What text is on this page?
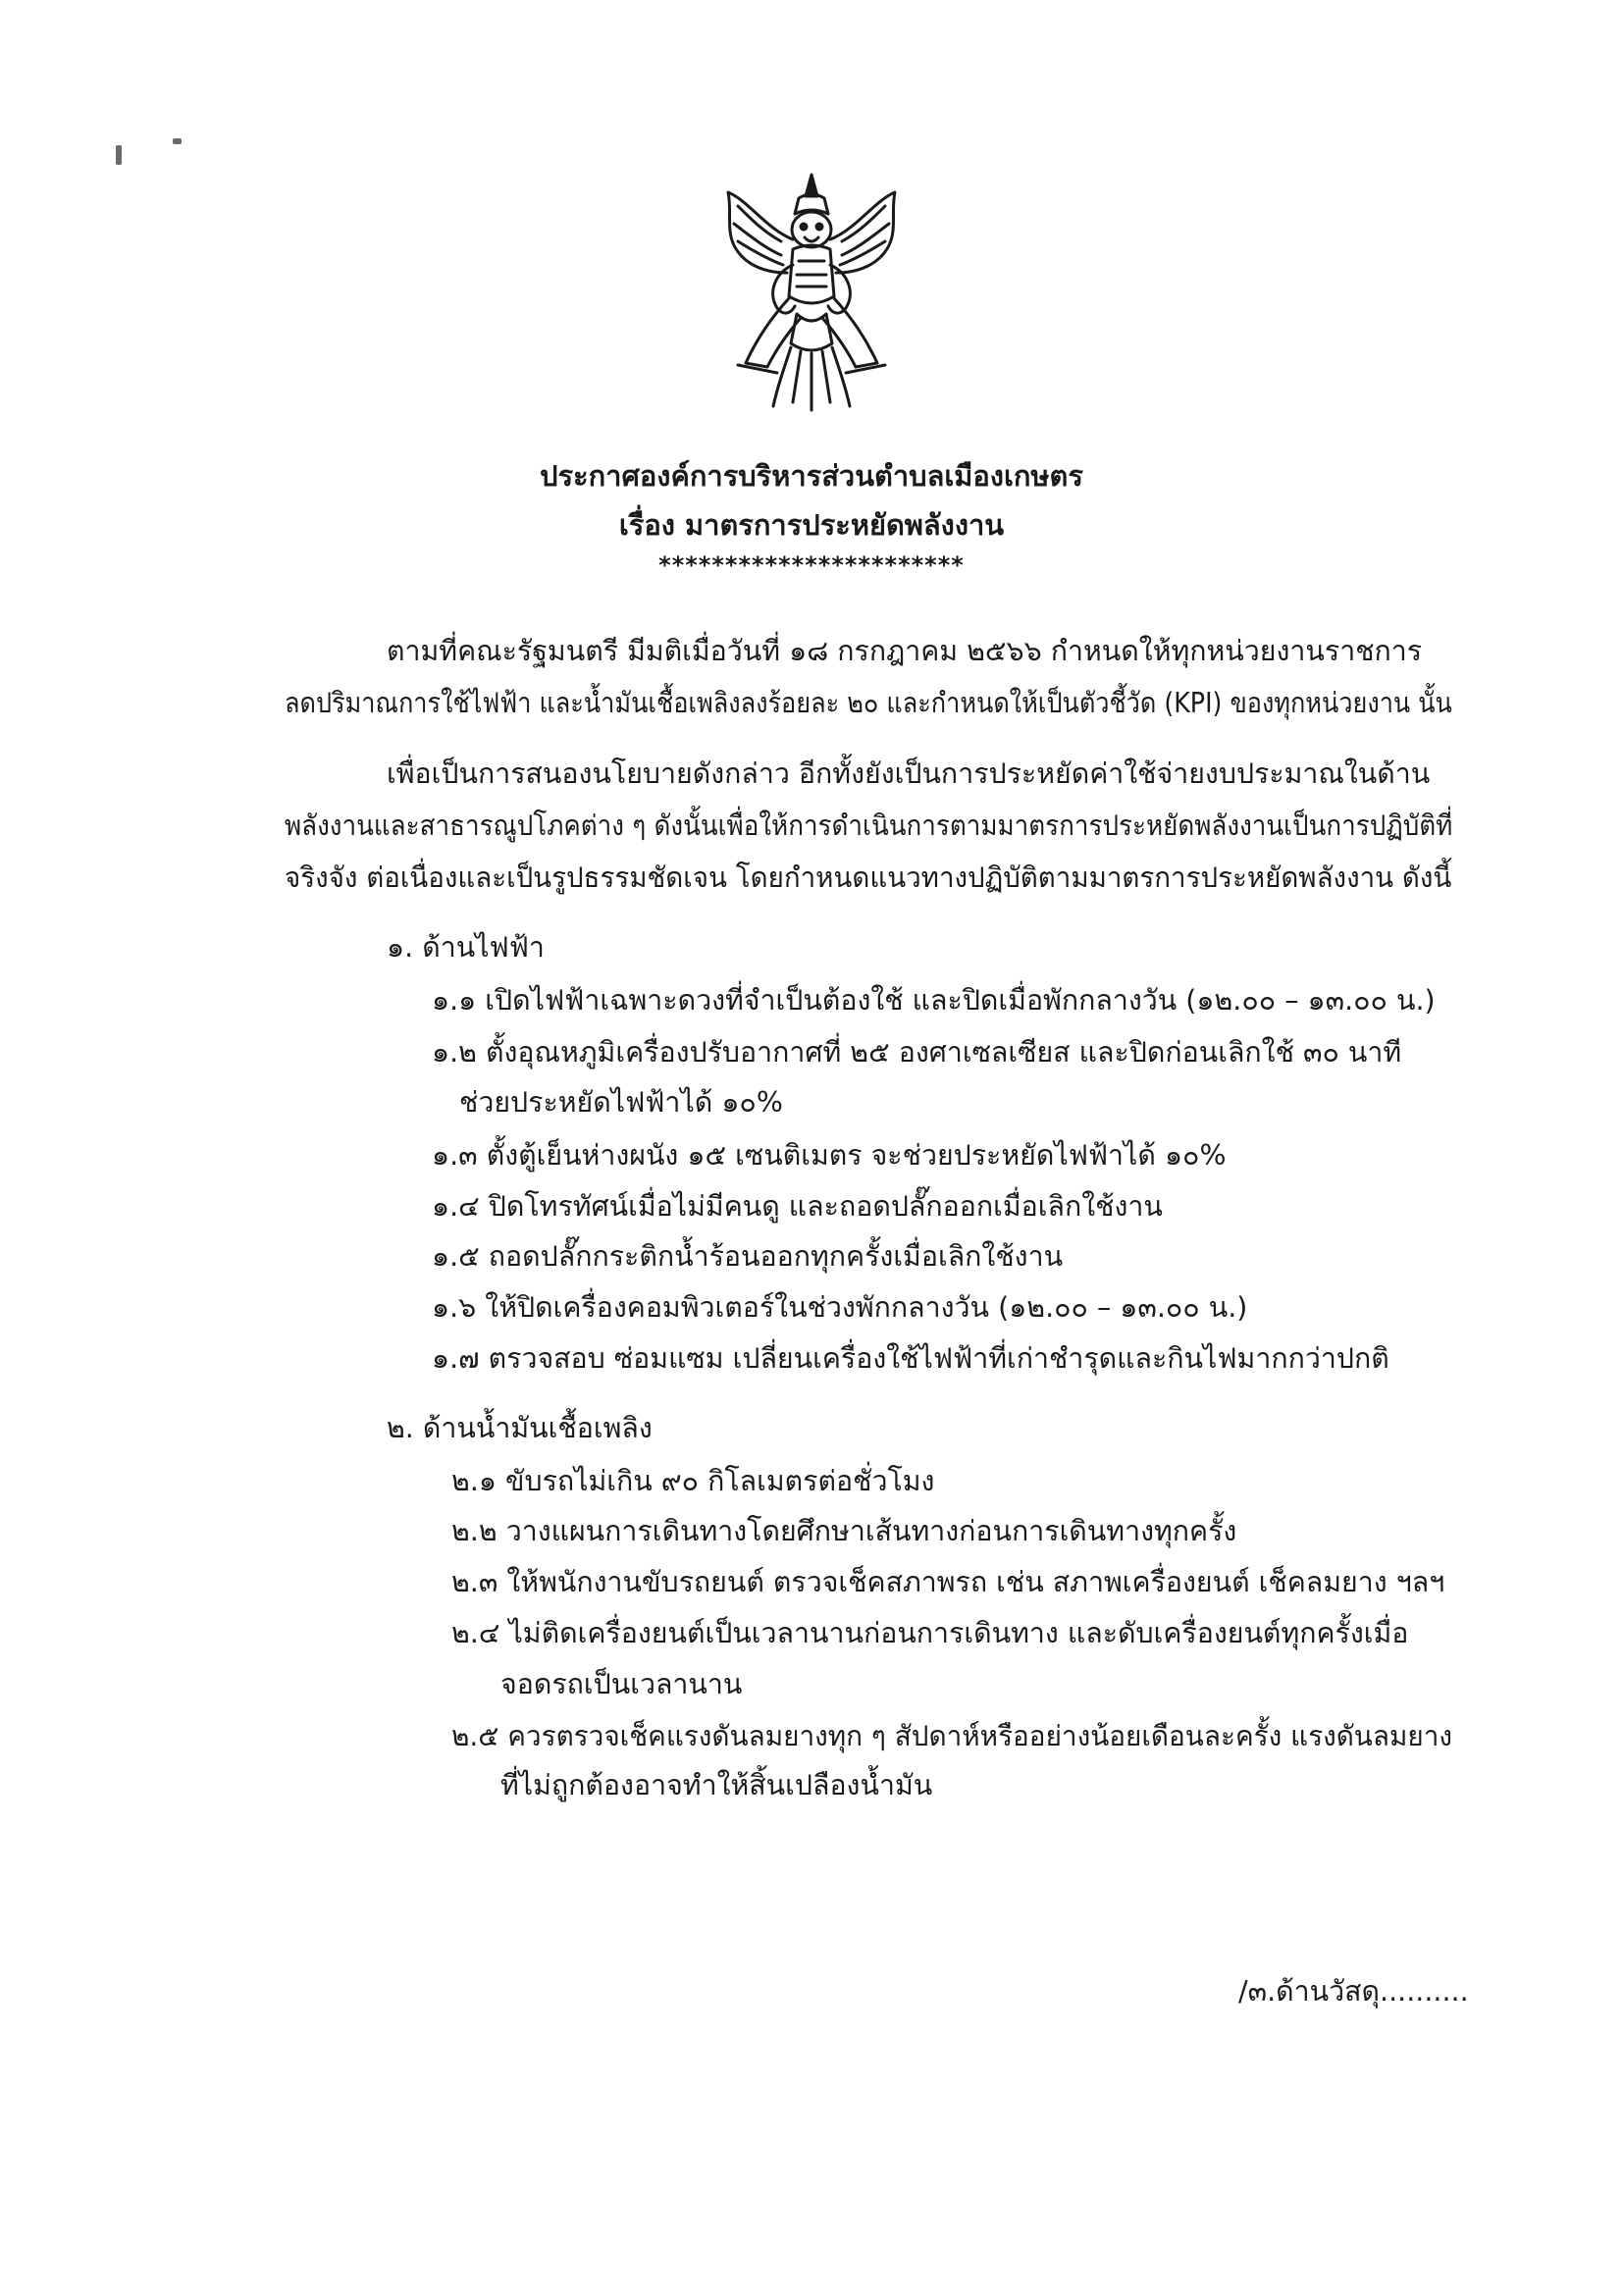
ประกาศองค์การบริหารส่วนตำบลเมืองเกษตร
เรื่อง มาตรการประหยัดพลังงาน
***********************
ตามที่คณะรัฐมนตรี มีมติเมื่อวันที่ ๑๘ กรกฎาคม ๒๕๖๖ กำหนดให้ทุกหน่วยงานราชการ
ลดปริมาณการใช้ไฟฟ้า และน้ำมันเชื้อเพลิงลงร้อยละ ๒๐ และกำหนดให้เป็นตัวชี้วัด (KPI) ของทุกหน่วยงาน นั้น
เพื่อเป็นการสนองนโยบายดังกล่าว อีกทั้งยังเป็นการประหยัดค่าใช้จ่ายงบประมาณในด้าน
พลังงานและสาธารณูปโภคต่าง ๆ ดังนั้นเพื่อให้การดำเนินการตามมาตรการประหยัดพลังงานเป็นการปฏิบัติที่
จริงจัง ต่อเนื่องและเป็นรูปธรรมชัดเจน โดยกำหนดแนวทางปฏิบัติตามมาตรการประหยัดพลังงาน ดังนี้
๑. ด้านไฟฟ้า
๑.๑ เปิดไฟฟ้าเฉพาะดวงที่จำเป็นต้องใช้ และปิดเมื่อพักกลางวัน (๑๒.๐๐ – ๑๓.๐๐ น.)
๑.๒ ตั้งอุณหภูมิเครื่องปรับอากาศที่ ๒๕ องศาเซลเซียส และปิดก่อนเลิกใช้ ๓๐ นาที
ช่วยประหยัดไฟฟ้าได้ ๑๐%
๑.๓ ตั้งตู้เย็นห่างผนัง ๑๕ เซนติเมตร จะช่วยประหยัดไฟฟ้าได้ ๑๐%
๑.๔ ปิดโทรทัศน์เมื่อไม่มีคนดู และถอดปลั๊กออกเมื่อเลิกใช้งาน
๑.๕ ถอดปลั๊กกระติกน้ำร้อนออกทุกครั้งเมื่อเลิกใช้งาน
๑.๖ ให้ปิดเครื่องคอมพิวเตอร์ในช่วงพักกลางวัน (๑๒.๐๐ – ๑๓.๐๐ น.)
๑.๗ ตรวจสอบ ซ่อมแซม เปลี่ยนเครื่องใช้ไฟฟ้าที่เก่าชำรุดและกินไฟมากกว่าปกติ
๒. ด้านน้ำมันเชื้อเพลิง
๒.๑ ขับรถไม่เกิน ๙๐ กิโลเมตรต่อชั่วโมง
๒.๒ วางแผนการเดินทางโดยศึกษาเส้นทางก่อนการเดินทางทุกครั้ง
๒.๓ ให้พนักงานขับรถยนต์ ตรวจเช็คสภาพรถ เช่น สภาพเครื่องยนต์ เช็คลมยาง ฯลฯ
๒.๔ ไม่ติดเครื่องยนต์เป็นเวลานานก่อนการเดินทาง และดับเครื่องยนต์ทุกครั้งเมื่อ
จอดรถเป็นเวลานาน
๒.๕ ควรตรวจเช็คแรงดันลมยางทุก ๆ สัปดาห์หรืออย่างน้อยเดือนละครั้ง แรงดันลมยาง
ที่ไม่ถูกต้องอาจทำให้สิ้นเปลืองน้ำมัน
/๓.ด้านวัสดุ..........
